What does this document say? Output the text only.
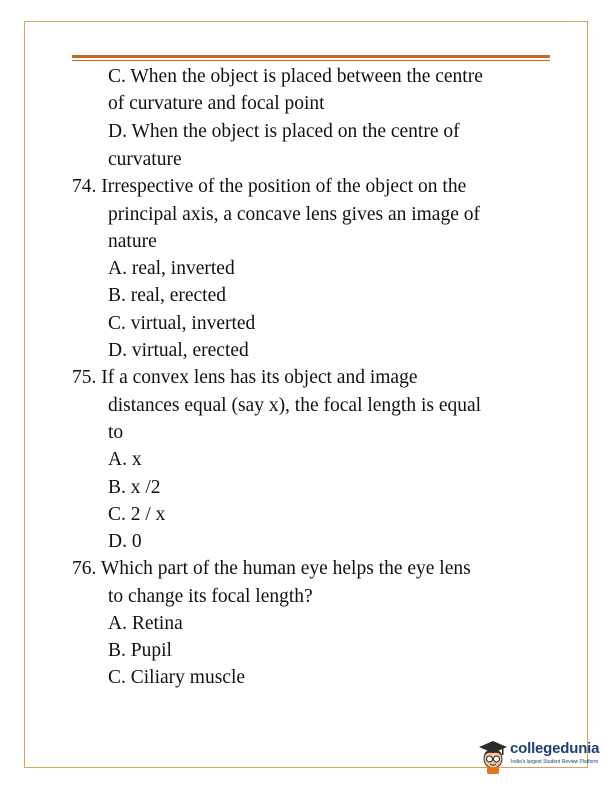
C. When the object is placed between the centre
of curvature and focal point
D. When the object is placed on the centre of
curvature
74. Irrespective of the position of the object on the
principal axis, a concave lens gives an image of
nature
A. real, inverted
B. real, erected
C. virtual, inverted
D. virtual, erected
75. If a convex lens has its object and image
distances equal (say x), the focal length is equal
to
A. x
B. x /2
C. 2 / x
D. 0
76. Which part of the human eye helps the eye lens
to change its focal length?
A. Retina
B. Pupil
C. Ciliary muscle
collegedunia
India's largest Student Review Platform
